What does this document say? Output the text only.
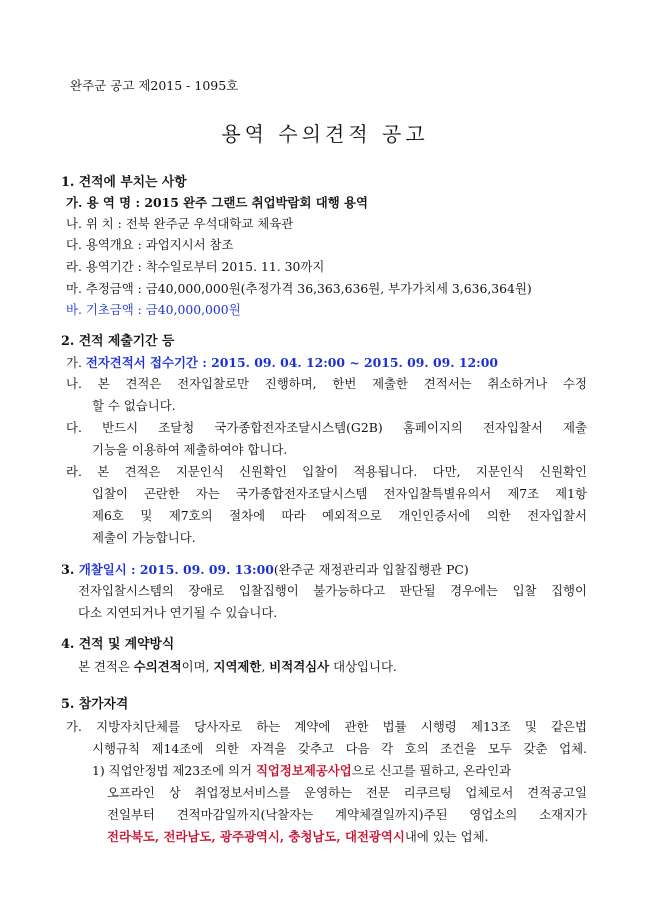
완주군 공고 제2015 - 1095호
용역 수의견적 공고
1. 견적에 부치는 사항
가. 용 역 명 : 2015 완주 그랜드 취업박람회 대행 용역
나. 위 치 : 전북 완주군 우석대학교 체육관
다. 용역개요 : 과업지시서 참조
라. 용역기간 : 착수일로부터 2015. 11. 30까지
마. 추정금액 : 금40,000,000원(추정가격 36,363,636원, 부가가치세 3,636,364원)
바. 기초금액 : 금40,000,000원
2. 견적 제출기간 등
가. 전자견적서 접수기간 : 2015. 09. 04. 12:00 ~ 2015. 09. 09. 12:00
나. 본 견적은 전자입찰로만 진행하며, 한번 제출한 견적서는 취소하거나 수정
할 수 없습니다.
다. 반드시 조달청 국가종합전자조달시스템(G2B) 홈페이지의 전자입찰서 제출
기능을 이용하여 제출하여야 합니다.
라. 본 견적은 지문인식 신원확인 입찰이 적용됩니다. 다만, 지문인식 신원확인
입찰이 곤란한 자는 국가종합전자조달시스템 전자입찰특별유의서 제7조 제1항
제6호 및 제7호의 절차에 따라 예외적으로 개인인증서에 의한 전자입찰서
제출이 가능합니다.
3. 개찰일시 : 2015. 09. 09. 13:00(완주군 재정관리과 입찰집행관 PC)
전자입찰시스템의 장애로 입찰집행이 불가능하다고 판단될 경우에는 입찰 집행이
다소 지연되거나 연기될 수 있습니다.
4. 견적 및 계약방식
본 견적은 수의견적이며, 지역제한, 비적격심사 대상입니다.
5. 참가자격
가. 지방자치단체를 당사자로 하는 계약에 관한 법률 시행령 제13조 및 같은법
시행규칙 제14조에 의한 자격을 갖추고 다음 각 호의 조건을 모두 갖춘 업체.
1) 직업안정법 제23조에 의거 직업정보제공사업으로 신고를 필하고, 온라인과
오프라인 상 취업정보서비스를 운영하는 전문 리쿠르팅 업체로서 견적공고일
전일부터 견적마감일까지(낙찰자는 계약체결일까지)주된 영업소의 소재지가
전라북도, 전라남도, 광주광역시, 충청남도, 대전광역시내에 있는 업체.
